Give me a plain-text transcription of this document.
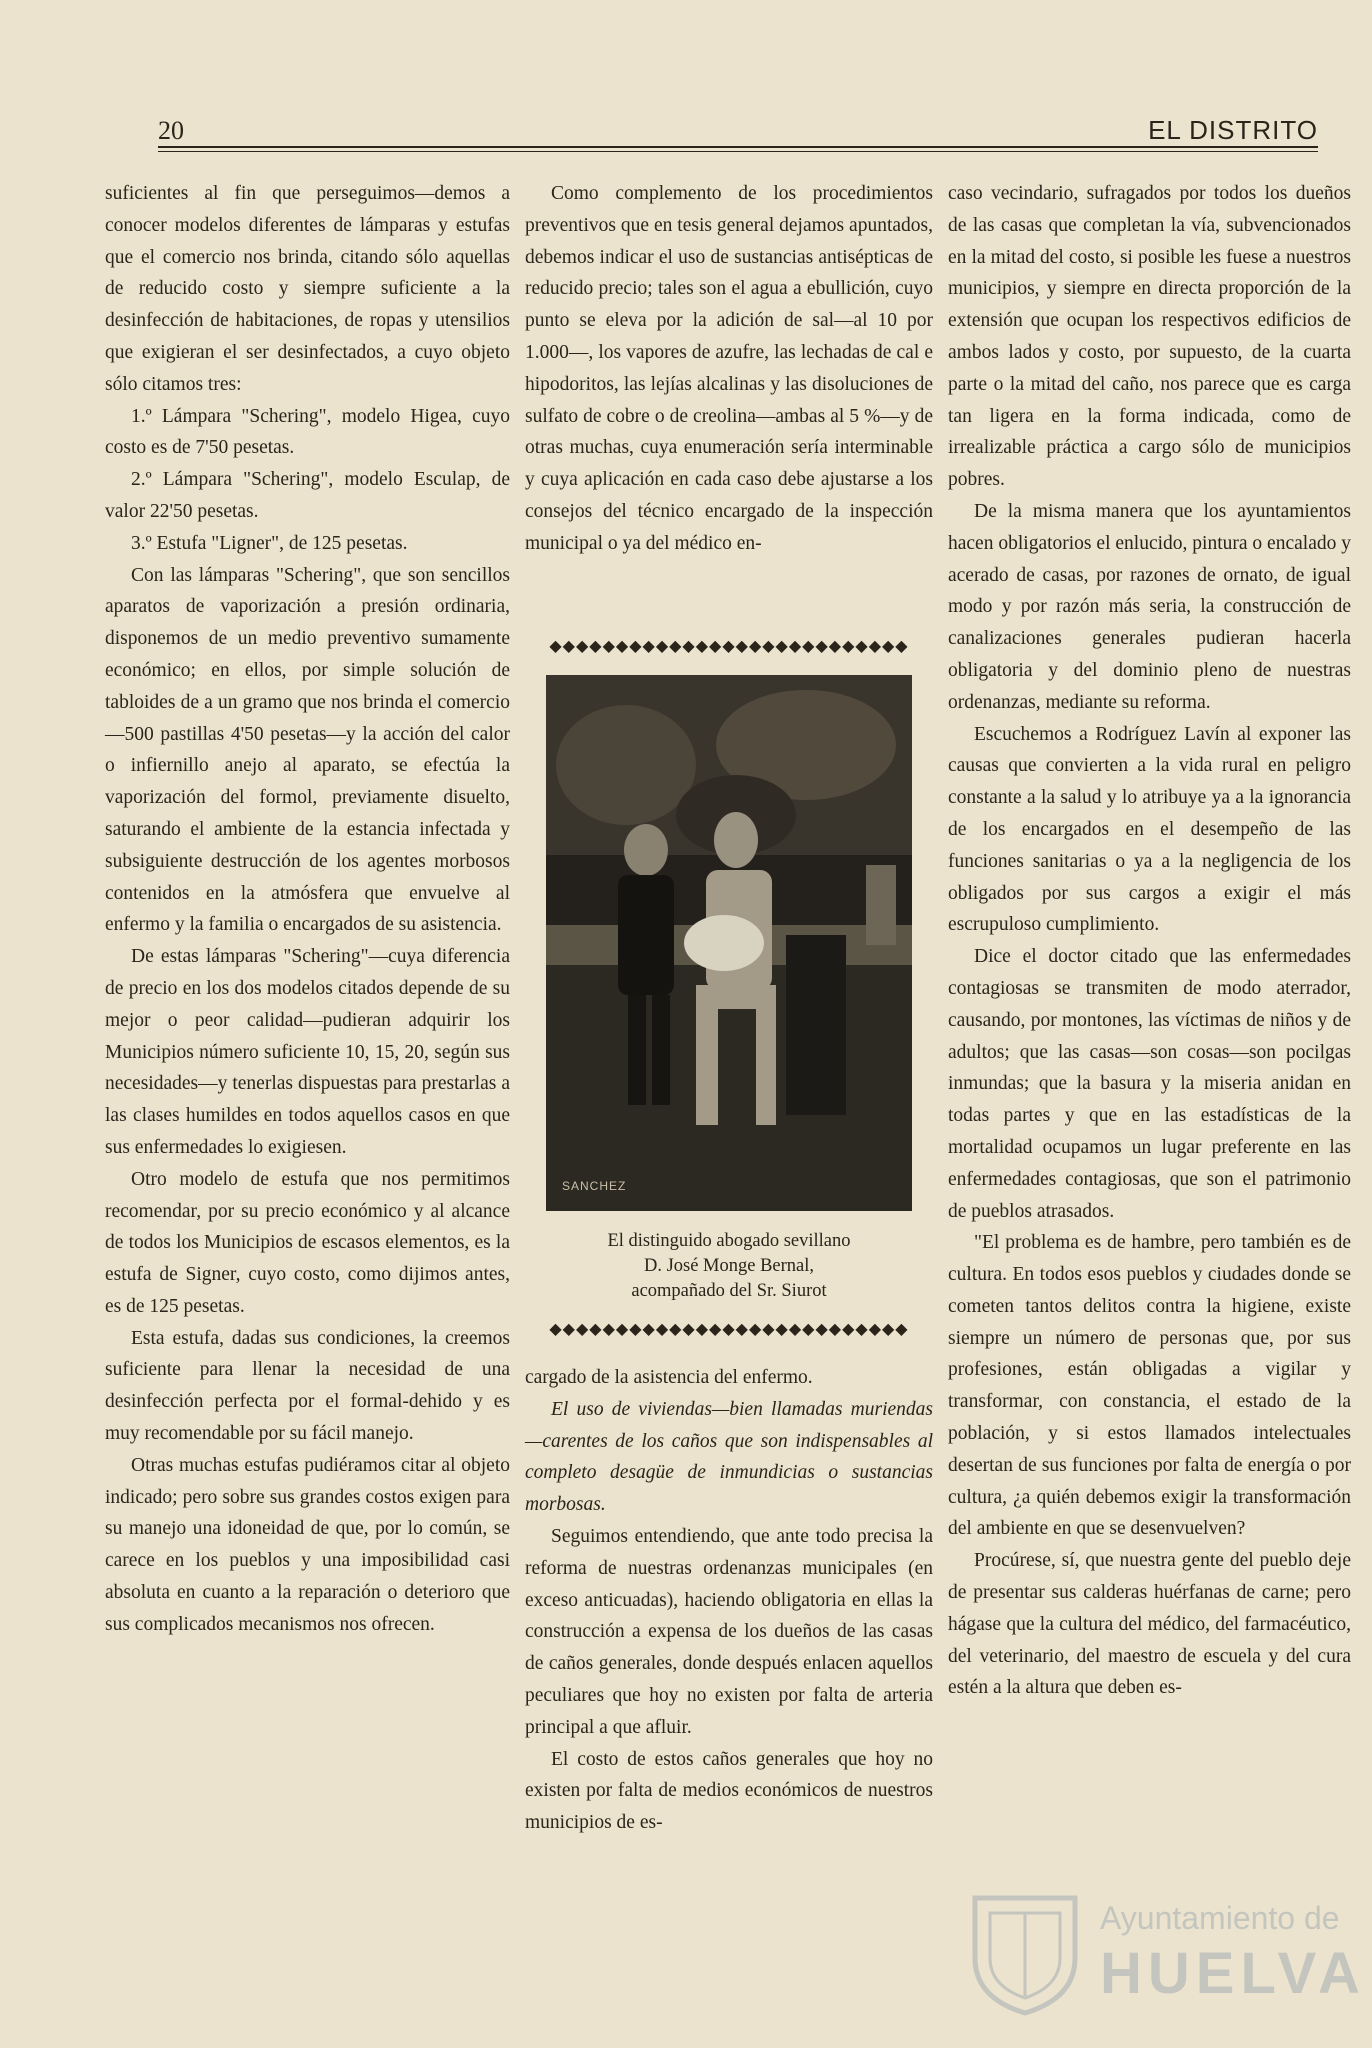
20	EL DISTRITO

suficientes al fin que perseguimos—demos a conocer modelos diferentes de lámparas y estufas que el comercio nos brinda, citando sólo aquellas de reducido costo y siempre suficiente a la desinfección de habitaciones, de ropas y utensilios que exigieran el ser desinfectados, a cuyo objeto sólo citamos tres:

1.º Lámpara "Schering", modelo Higea, cuyo costo es de 7'50 pesetas.

2.º Lámpara "Schering", modelo Esculap, de valor 22'50 pesetas.

3.º Estufa "Ligner", de 125 pesetas.

Con las lámparas "Schering", que son sencillos aparatos de vaporización a presión ordinaria, disponemos de un medio preventivo sumamente económico; en ellos, por simple solución de tabloides de a un gramo que nos brinda el comercio—500 pastillas 4'50 pesetas—y la acción del calor o infiernillo anejo al aparato, se efectúa la vaporización del formol, previamente disuelto, saturando el ambiente de la estancia infectada y subsiguiente destrucción de los agentes morbosos contenidos en la atmósfera que envuelve al enfermo y la familia o encargados de su asistencia.

De estas lámparas "Schering"—cuya diferencia de precio en los dos modelos citados depende de su mejor o peor calidad—pudieran adquirir los Municipios número suficiente 10, 15, 20, según sus necesidades—y tenerlas dispuestas para prestarlas a las clases humildes en todos aquellos casos en que sus enfermedades lo exigiesen.

Otro modelo de estufa que nos permitimos recomendar, por su precio económico y al alcance de todos los Municipios de escasos elementos, es la estufa de Signer, cuyo costo, como dijimos antes, es de 125 pesetas.

Esta estufa, dadas sus condiciones, la creemos suficiente para llenar la necesidad de una desinfección perfecta por el formal-dehido y es muy recomendable por su fácil manejo.

Otras muchas estufas pudiéramos citar al objeto indicado; pero sobre sus grandes costos exigen para su manejo una idoneidad de que, por lo común, se carece en los pueblos y una imposibilidad casi absoluta en cuanto a la reparación o deterioro que sus complicados mecanismos nos ofrecen.

Como complemento de los procedimientos preventivos que en tesis general dejamos apuntados, debemos indicar el uso de sustancias antisépticas de reducido precio; tales son el agua a ebullición, cuyo punto se eleva por la adición de sal—al 10 por 1.000—, los vapores de azufre, las lechadas de cal e hipodoritos, las lejías alcalinas y las disoluciones de sulfato de cobre o de creolina—ambas al 5 %—y de otras muchas, cuya enumeración sería interminable y cuya aplicación en cada caso debe ajustarse a los consejos del técnico encargado de la inspección municipal o ya del médico en-

◆◆◆◆◆◆◆◆◆◆◆◆◆◆◆◆◆◆◆◆◆◆◆◆◆◆◆
SANCHEZ
El distinguido abogado sevillano
D. José Monge Bernal,
acompañado del Sr. Siurot
◆◆◆◆◆◆◆◆◆◆◆◆◆◆◆◆◆◆◆◆◆◆◆◆◆◆◆

cargado de la asistencia del enfermo.

El uso de viviendas—bien llamadas muriendas—carentes de los caños que son indispensables al completo desagüe de inmundicias o sustancias morbosas.

Seguimos entendiendo, que ante todo precisa la reforma de nuestras ordenanzas municipales (en exceso anticuadas), haciendo obligatoria en ellas la construcción a expensa de los dueños de las casas de caños generales, donde después enlacen aquellos peculiares que hoy no existen por falta de arteria principal a que afluir.

El costo de estos caños generales que hoy no existen por falta de medios económicos de nuestros municipios de es-

caso vecindario, sufragados por todos los dueños de las casas que completan la vía, subvencionados en la mitad del costo, si posible les fuese a nuestros municipios, y siempre en directa proporción de la extensión que ocupan los respectivos edificios de ambos lados y costo, por supuesto, de la cuarta parte o la mitad del caño, nos parece que es carga tan ligera en la forma indicada, como de irrealizable práctica a cargo sólo de municipios pobres.

De la misma manera que los ayuntamientos hacen obligatorios el enlucido, pintura o encalado y acerado de casas, por razones de ornato, de igual modo y por razón más seria, la construcción de canalizaciones generales pudieran hacerla obligatoria y del dominio pleno de nuestras ordenanzas, mediante su reforma.

Escuchemos a Rodríguez Lavín al exponer las causas que convierten a la vida rural en peligro constante a la salud y lo atribuye ya a la ignorancia de los encargados en el desempeño de las funciones sanitarias o ya a la negligencia de los obligados por sus cargos a exigir el más escrupuloso cumplimiento.

Dice el doctor citado que las enfermedades contagiosas se transmiten de modo aterrador, causando, por montones, las víctimas de niños y de adultos; que las casas—son cosas—son pocilgas inmundas; que la basura y la miseria anidan en todas partes y que en las estadísticas de la mortalidad ocupamos un lugar preferente en las enfermedades contagiosas, que son el patrimonio de pueblos atrasados.

"El problema es de hambre, pero también es de cultura. En todos esos pueblos y ciudades donde se cometen tantos delitos contra la higiene, existe siempre un número de personas que, por sus profesiones, están obligadas a vigilar y transformar, con constancia, el estado de la población, y si estos llamados intelectuales desertan de sus funciones por falta de energía o por cultura, ¿a quién debemos exigir la transformación del ambiente en que se desenvuelven?

Procúrese, sí, que nuestra gente del pueblo deje de presentar sus calderas huérfanas de carne; pero hágase que la cultura del médico, del farmacéutico, del veterinario, del maestro de escuela y del cura estén a la altura que deben es-

Ayuntamiento de
HUELVA
